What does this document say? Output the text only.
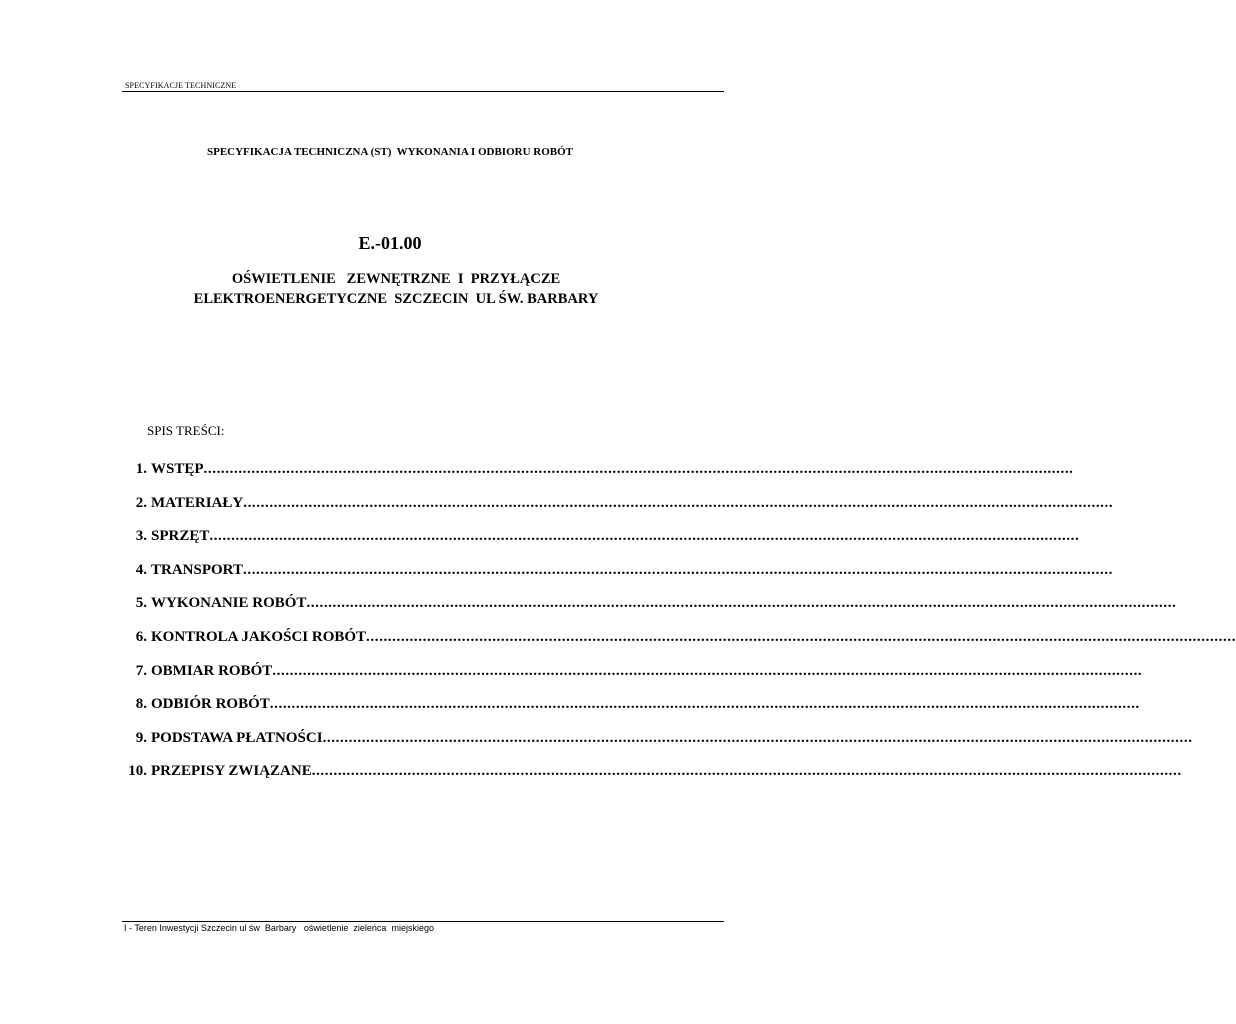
SPECYFIKACJE TECHNICZNE
SPECYFIKACJA TECHNICZNA (ST)  WYKONANIA I ODBIORU ROBÓT
E.-01.00
OŚWIETLENIE   ZEWNĘTRZNE  I  PRZYŁĄCZE
ELEKTROENERGETYCZNE  SZCZECIN  UL ŚW. BARBARY
SPIS TREŚCI:
1. WSTĘP ........................................................................................................................................................................................................
2. MATERIAŁY ........................................................................................................................................................................................................
3. SPRZĘT ........................................................................................................................................................................................................
4. TRANSPORT ........................................................................................................................................................................................................
5. WYKONANIE ROBÓT ........................................................................................................................................................................................................
6. KONTROLA JAKOŚCI ROBÓT ........................................................................................................................................................................................................
7. OBMIAR ROBÓT ........................................................................................................................................................................................................
8. ODBIÓR ROBÓT ........................................................................................................................................................................................................
9. PODSTAWA PŁATNOŚCI ........................................................................................................................................................................................................
10. PRZEPISY ZWIĄZANE ........................................................................................................................................................................................................
I - Teren Inwestycji Szczecin ul św  Barbary   oświetlenie  zieleńca  miejskiego
